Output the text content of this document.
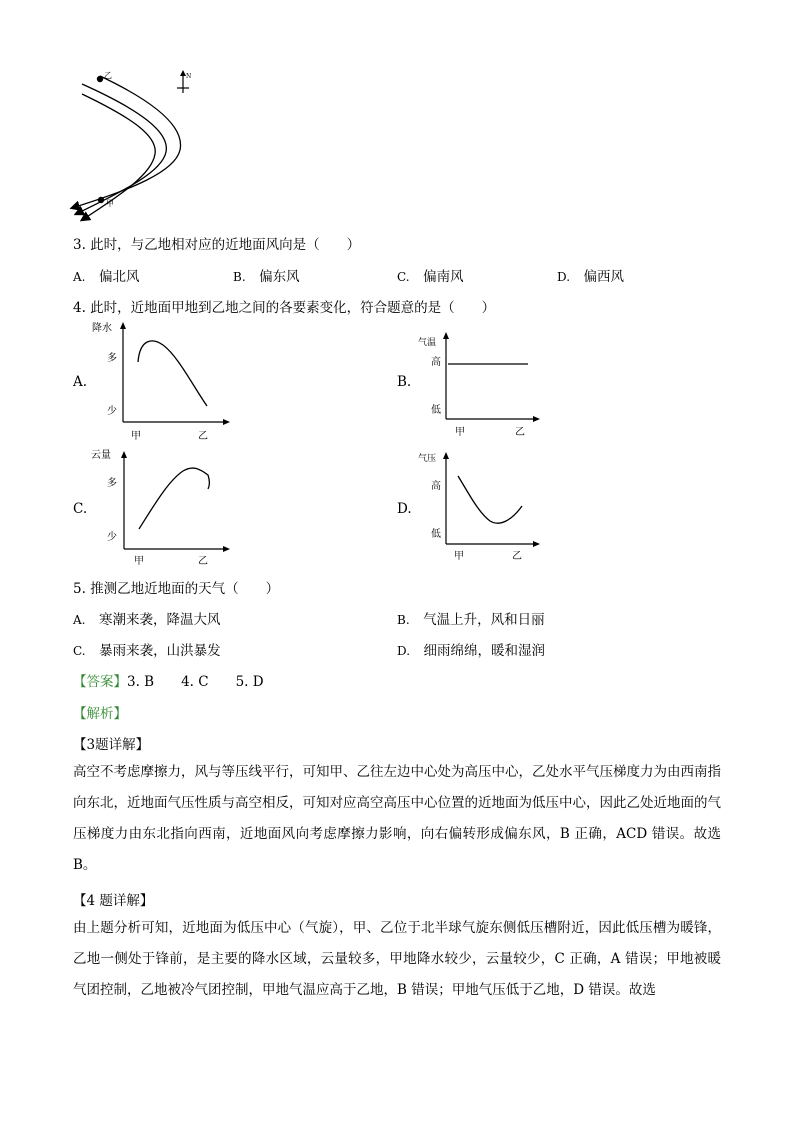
乙
甲
N
3. 此时，与乙地相对应的近地面风向是（　　）
A.　 偏北风	B.　 偏东风	C.　 偏南风	D.　 偏西风
4. 此时，近地面甲地到乙地之间的各要素变化，符合题意的是（　　）
A.
降水
多
少
甲	乙
B.
气温
高
低
甲	乙
C.
云量
多
少
甲	乙
D.
气压
高
低
甲	乙
5. 推测乙地近地面的天气（　　）
A.　 寒潮来袭，降温大风	B.　 气温上升，风和日丽
C.　 暴雨来袭，山洪暴发	D.　 细雨绵绵，暖和湿润
【答案】3. B　　4. C　　5. D
【解析】
【3题详解】
高空不考虑摩擦力，风与等压线平行，可知甲、乙往左边中心处为高压中心，乙处水平气压梯度力为由西南指向东北，近地面气压性质与高空相反，可知对应高空高压中心位置的近地面为低压中心，因此乙处近地面的气压梯度力由东北指向西南，近地面风向考虑摩擦力影响，向右偏转形成偏东风，B 正确，ACD 错误。故选 B。
【4 题详解】
由上题分析可知，近地面为低压中心（气旋），甲、乙位于北半球气旋东侧低压槽附近，因此低压槽为暖锋，乙地一侧处于锋前，是主要的降水区域，云量较多，甲地降水较少，云量较少，C 正确，A 错误；甲地被暖气团控制，乙地被冷气团控制，甲地气温应高于乙地，B 错误；甲地气压低于乙地，D 错误。故选
